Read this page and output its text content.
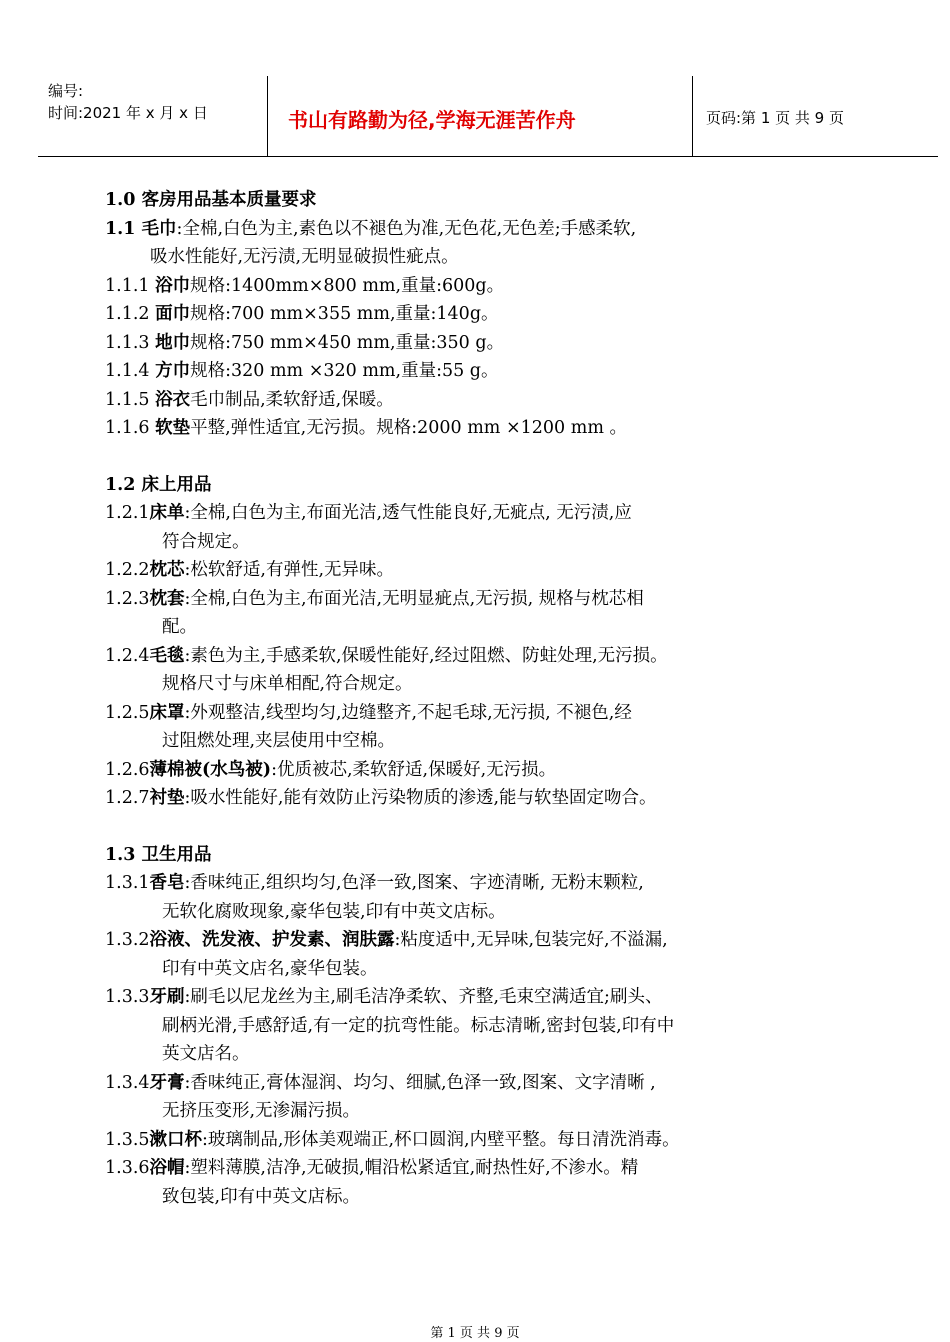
编号:
时间:2021 年 x 月 x 日	书山有路勤为径,学海无涯苦作舟	页码:第 1 页 共 9 页
1.0 客房用品基本质量要求
1.1 毛巾:全棉,白色为主,素色以不褪色为准,无色花,无色差;手感柔软,
吸水性能好,无污渍,无明显破损性疵点。
1.1.1 浴巾规格:1400mm×800 mm,重量:600g。
1.1.2 面巾规格:700 mm×355 mm,重量:140g。
1.1.3 地巾规格:750 mm×450 mm,重量:350 g。
1.1.4 方巾规格:320 mm ×320 mm,重量:55 g。
1.1.5 浴衣毛巾制品,柔软舒适,保暖。
1.1.6 软垫平整,弹性适宜,无污损。规格:2000 mm ×1200 mm 。
1.2 床上用品
1.2.1床单:全棉,白色为主,布面光洁,透气性能良好,无疵点, 无污渍,应
符合规定。
1.2.2枕芯:松软舒适,有弹性,无异味。
1.2.3枕套:全棉,白色为主,布面光洁,无明显疵点,无污损, 规格与枕芯相
配。
1.2.4毛毯:素色为主,手感柔软,保暖性能好,经过阻燃、防蛀处理,无污损。
规格尺寸与床单相配,符合规定。
1.2.5床罩:外观整洁,线型均匀,边缝整齐,不起毛球,无污损, 不褪色,经
过阻燃处理,夹层使用中空棉。
1.2.6薄棉被(水鸟被):优质被芯,柔软舒适,保暖好,无污损。
1.2.7衬垫:吸水性能好,能有效防止污染物质的渗透,能与软垫固定吻合。
1.3 卫生用品
1.3.1香皂:香味纯正,组织均匀,色泽一致,图案、字迹清晰, 无粉末颗粒,
无软化腐败现象,豪华包装,印有中英文店标。
1.3.2浴液、洗发液、护发素、润肤露:粘度适中,无异味,包装完好,不溢漏,
印有中英文店名,豪华包装。
1.3.3牙刷:刷毛以尼龙丝为主,刷毛洁净柔软、齐整,毛束空满适宜;刷头、
刷柄光滑,手感舒适,有一定的抗弯性能。标志清晰,密封包装,印有中
英文店名。
1.3.4牙膏:香味纯正,膏体湿润、均匀、细腻,色泽一致,图案、文字清晰 ,
无挤压变形,无渗漏污损。
1.3.5漱口杯:玻璃制品,形体美观端正,杯口圆润,内壁平整。每日清洗消毒。
1.3.6浴帽:塑料薄膜,洁净,无破损,帽沿松紧适宜,耐热性好,不渗水。精
致包装,印有中英文店标。
第 1 页 共 9 页
